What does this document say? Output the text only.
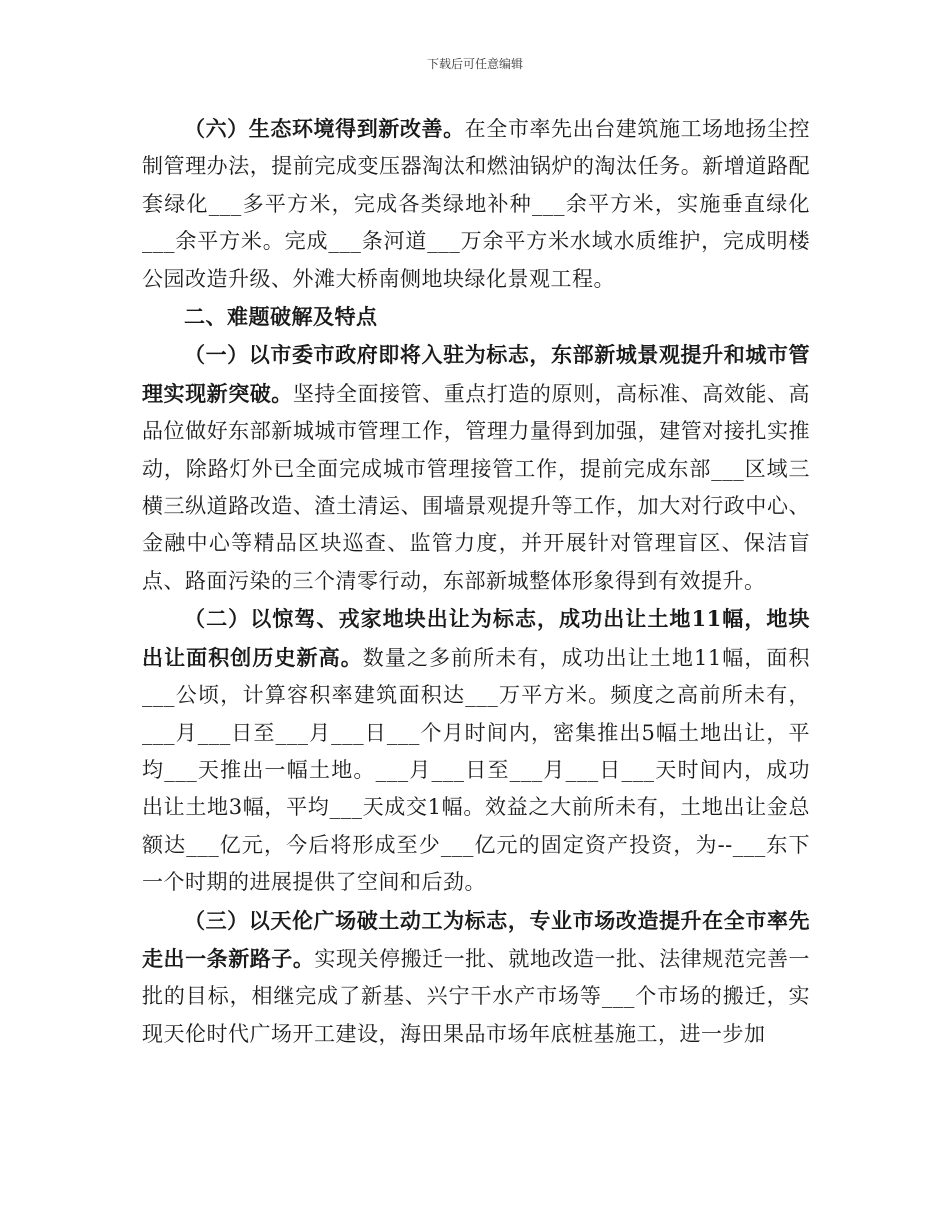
下载后可任意编辑

（六）生态环境得到新改善。在全市率先出台建筑施工场地扬尘控制管理办法，提前完成变压器淘汰和燃油锅炉的淘汰任务。新增道路配套绿化___多平方米，完成各类绿地补种___余平方米，实施垂直绿化___余平方米。完成___条河道___万余平方米水域水质维护，完成明楼公园改造升级、外滩大桥南侧地块绿化景观工程。

二、难题破解及特点

（一）以市委市政府即将入驻为标志，东部新城景观提升和城市管理实现新突破。坚持全面接管、重点打造的原则，高标准、高效能、高品位做好东部新城城市管理工作，管理力量得到加强，建管对接扎实推动，除路灯外已全面完成城市管理接管工作，提前完成东部___区域三横三纵道路改造、渣土清运、围墙景观提升等工作，加大对行政中心、金融中心等精品区块巡查、监管力度，并开展针对管理盲区、保洁盲点、路面污染的三个清零行动，东部新城整体形象得到有效提升。

（二）以惊驾、戎家地块出让为标志，成功出让土地11幅，地块出让面积创历史新高。数量之多前所未有，成功出让土地11幅，面积___公顷，计算容积率建筑面积达___万平方米。频度之高前所未有，___月___日至___月___日___个月时间内，密集推出5幅土地出让，平均___天推出一幅土地。___月___日至___月___日___天时间内，成功出让土地3幅，平均___天成交1幅。效益之大前所未有，土地出让金总额达___亿元，今后将形成至少___亿元的固定资产投资，为--___东下一个时期的进展提供了空间和后劲。

（三）以天伦广场破土动工为标志，专业市场改造提升在全市率先走出一条新路子。实现关停搬迁一批、就地改造一批、法律规范完善一批的目标，相继完成了新基、兴宁干水产市场等___个市场的搬迁，实现天伦时代广场开工建设，海田果品市场年底桩基施工，进一步加
